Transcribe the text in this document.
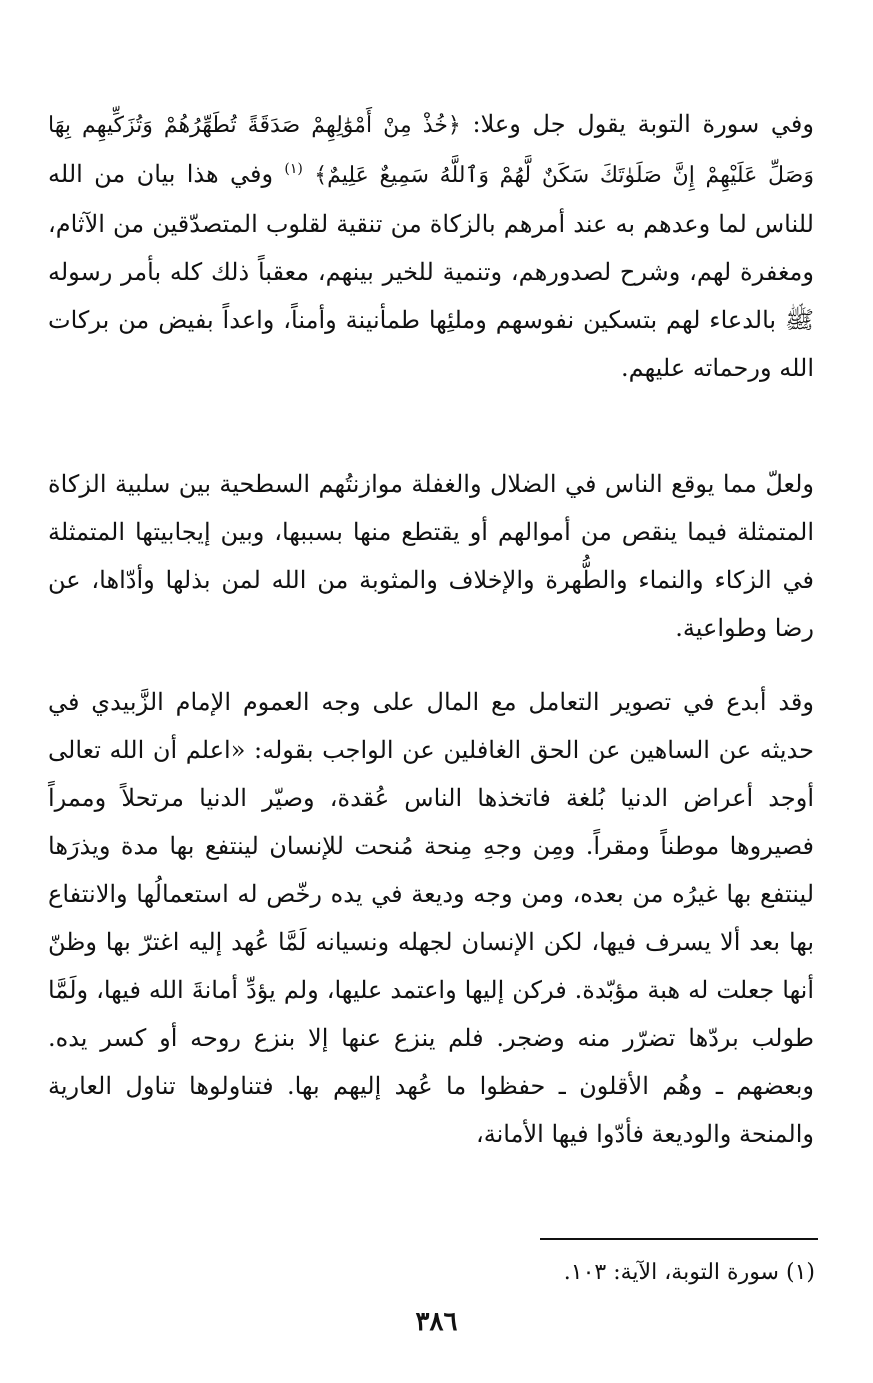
وفي سورة التوبة يقول جل وعلا: ﴿خُذْ مِنْ أَمْوَٰلِهِمْ صَدَقَةً تُطَهِّرُهُمْ وَتُزَكِّيهِم بِهَا وَصَلِّ عَلَيْهِمْ إِنَّ صَلَوٰتَكَ سَكَنٌ لَّهُمْ وَٱللَّهُ سَمِيعٌ عَلِيمٌ﴾ $^{(١)}$ وفي هذا بيان من الله للناس لما وعدهم به عند أمرهم بالزكاة من تنقية لقلوب المتصدّقين من الآثام، ومغفرة لهم، وشرح لصدورهم، وتنمية للخير بينهم، معقباً ذلك كله بأمر رسوله ﷺ بالدعاء لهم بتسكين نفوسهم وملئِها طمأنينة وأمناً، واعداً بفيض من بركات الله ورحماته عليهم.

ولعلّ مما يوقع الناس في الضلال والغفلة موازنتُهم السطحية بين سلبية الزكاة المتمثلة فيما ينقص من أموالهم أو يقتطع منها بسببها، وبين إيجابيتها المتمثلة في الزكاء والنماء والطُّهرة والإخلاف والمثوبة من الله لمن بذلها وأدّاها، عن رضا وطواعية.

وقد أبدع في تصوير التعامل مع المال على وجه العموم الإمام الزَّبيدي في حديثه عن الساهين عن الحق الغافلين عن الواجب بقوله: «اعلم أن الله تعالى أوجد أعراض الدنيا بُلغة فاتخذها الناس عُقدة، وصيّر الدنيا مرتحلاً وممراً فصيروها موطناً ومقراً. ومِن وجهِ مِنحة مُنحت للإنسان لينتفع بها مدة ويذرَها لينتفع بها غيرُه من بعده، ومن وجه وديعة في يده رخّص له استعمالُها والانتفاع بها بعد ألا يسرف فيها، لكن الإنسان لجهله ونسيانه لَمَّا عُهد إليه اغترّ بها وظنّ أنها جعلت له هبة مؤبّدة. فركن إليها واعتمد عليها، ولم يؤدِّ أمانةَ الله فيها، ولَمَّا طولب بردّها تضرّر منه وضجر. فلم ينزع عنها إلا بنزع روحه أو كسر يده. وبعضهم ـ وهُم الأقلون ـ حفظوا ما عُهد إليهم بها. فتناولوها تناول العارية والمنحة والوديعة فأدّوا فيها الأمانة،

(١) سورة التوبة، الآية: ١٠٣.
٣٨٦
